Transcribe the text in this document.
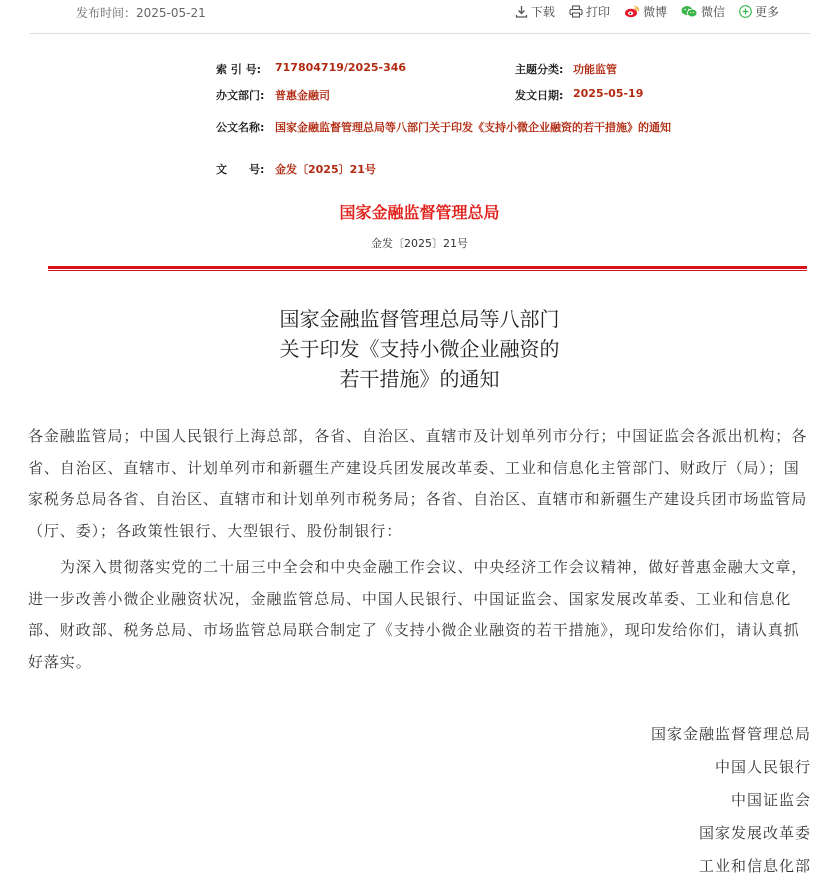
发布时间：2025-05-21	下载	打印	微博	微信	更多
索 引 号: 717804719/2025-346	主题分类: 功能监管
办文部门: 普惠金融司	发文日期: 2025-05-19
公文名称: 国家金融监督管理总局等八部门关于印发《支持小微企业融资的若干措施》的通知
文　　号: 金发〔2025〕21号
国家金融监督管理总局
金发〔2025〕21号
国家金融监督管理总局等八部门
关于印发《支持小微企业融资的
若干措施》的通知
各金融监管局；中国人民银行上海总部，各省、自治区、直辖市及计划单列市分行；中国证监会各派出机构；各省、自治区、直辖市、计划单列市和新疆生产建设兵团发展改革委、工业和信息化主管部门、财政厅（局）；国家税务总局各省、自治区、直辖市和计划单列市税务局；各省、自治区、直辖市和新疆生产建设兵团市场监管局（厅、委）；各政策性银行、大型银行、股份制银行：
为深入贯彻落实党的二十届三中全会和中央金融工作会议、中央经济工作会议精神，做好普惠金融大文章，进一步改善小微企业融资状况，金融监管总局、中国人民银行、中国证监会、国家发展改革委、工业和信息化部、财政部、税务总局、市场监管总局联合制定了《支持小微企业融资的若干措施》，现印发给你们，请认真抓好落实。
国家金融监督管理总局
中国人民银行
中国证监会
国家发展改革委
工业和信息化部
